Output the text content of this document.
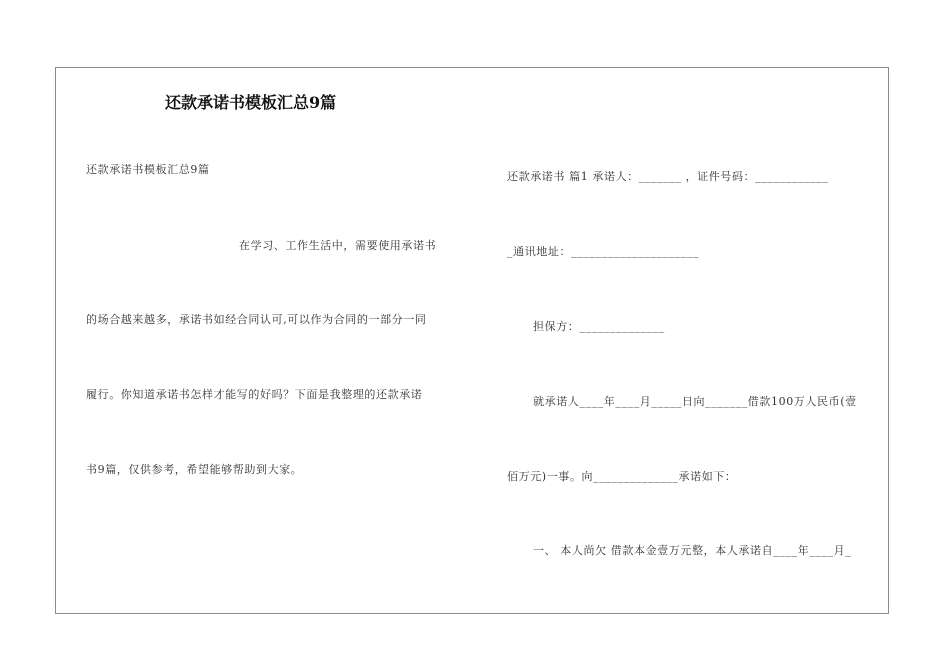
还款承诺书模板汇总9篇
还款承诺书模板汇总9篇
在学习、工作生活中，需要使用承诺书
的场合越来越多，承诺书如经合同认可,可以作为合同的一部分一同
履行。你知道承诺书怎样才能写的好吗？下面是我整理的还款承诺
书9篇，仅供参考，希望能够帮助到大家。
还款承诺书 篇1 承诺人：_______ ，证件号码：____________
_通讯地址：_____________________
担保方：______________
就承诺人____年____月_____日向_______借款100万人民币(壹
佰万元)一事。向______________承诺如下：
一、 本人尚欠 借款本金壹万元整，本人承诺自____年____月_
